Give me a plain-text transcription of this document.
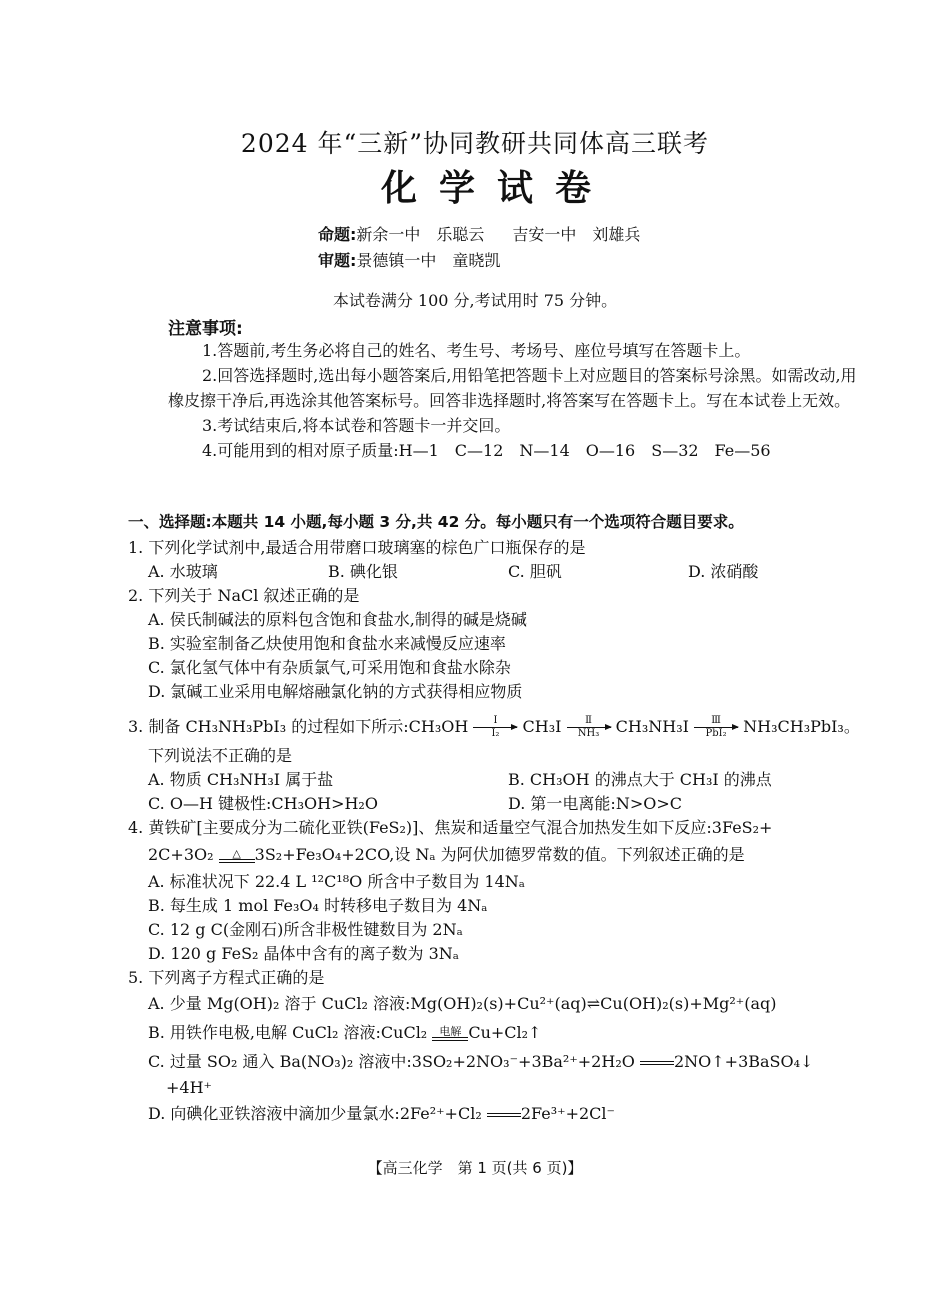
2024 年“三新”协同教研共同体高三联考
化学试卷
命题:新余一中　乐聪云 吉安一中　刘雄兵
审题:景德镇一中　童晓凯
本试卷满分 100 分,考试用时 75 分钟。
注意事项:

1.答题前,考生务必将自己的姓名、考生号、考场号、座位号填写在答题卡上。

2.回答选择题时,选出每小题答案后,用铅笔把答题卡上对应题目的答案标号涂黑。如需改动,用橡皮擦干净后,再选涂其他答案标号。回答非选择题时,将答案写在答题卡上。写在本试卷上无效。

3.考试结束后,将本试卷和答题卡一并交回。

4.可能用到的相对原子质量:H—1　C—12　N—14　O—16　S—32　Fe—56

一、选择题:本题共 14 小题,每小题 3 分,共 42 分。每小题只有一个选项符合题目要求。

1. 下列化学试剂中,最适合用带磨口玻璃塞的棕色广口瓶保存的是

A. 水玻璃	B. 碘化银	C. 胆矾	D. 浓硝酸

2. 下列关于 NaCl 叙述正确的是

A. 侯氏制碱法的原料包含饱和食盐水,制得的碱是烧碱

B. 实验室制备乙炔使用饱和食盐水来减慢反应速率

C. 氯化氢气体中有杂质氯气,可采用饱和食盐水除杂

D. 氯碱工业采用电解熔融氯化钠的方式获得相应物质

3. 制备 CH₃NH₃PbI₃ 的过程如下所示:CH₃OH $\frac{I}{\text{I₂}} CH_3I$	Ⅱ
NH₃	CH₃NH₃I	Ⅲ
PbI₂	NH₃CH₃PbI₃。

下列说法不正确的是

A. 物质 CH₃NH₃I 属于盐	B. CH₃OH 的沸点大于 CH₃I 的沸点
C. O—H 键极性:CH₃OH>H₂O	D. 第一电离能:N>O>C

4. 黄铁矿[主要成分为二硫化亚铁(FeS₂)]、焦炭和适量空气混合加热发生如下反应:3FeS₂+

2C+3O₂	△ 3S₂+Fe₃O₄+2CO,设 Nₐ 为阿伏加德罗常数的值。下列叙述正确的是

A. 标准状况下 22.4 L ¹²C¹⁸O 所含中子数目为 14Nₐ

B. 每生成 1 mol Fe₃O₄ 时转移电子数目为 4Nₐ

C. 12 g C(金刚石)所含非极性键数目为 2Nₐ

D. 120 g FeS₂ 晶体中含有的离子数为 3Nₐ

5. 下列离子方程式正确的是

A. 少量 Mg(OH)₂ 溶于 CuCl₂ 溶液:Mg(OH)₂(s)+Cu²⁺(aq)⇌Cu(OH)₂(s)+Mg²⁺(aq)

B. 用铁作电极,电解 CuCl₂ 溶液:CuCl₂	电解 Cu+Cl₂↑

C. 过量 SO₂ 通入 Ba(NO₃)₂ 溶液中:3SO₂+2NO₃⁻+3Ba²⁺+2H₂O 2NO↑+3BaSO₄↓

+4H⁺

D. 向碘化亚铁溶液中滴加少量氯水:2Fe²⁺+Cl₂ 2Fe³⁺+2Cl⁻

【高三化学　第 1 页(共 6 页)】
